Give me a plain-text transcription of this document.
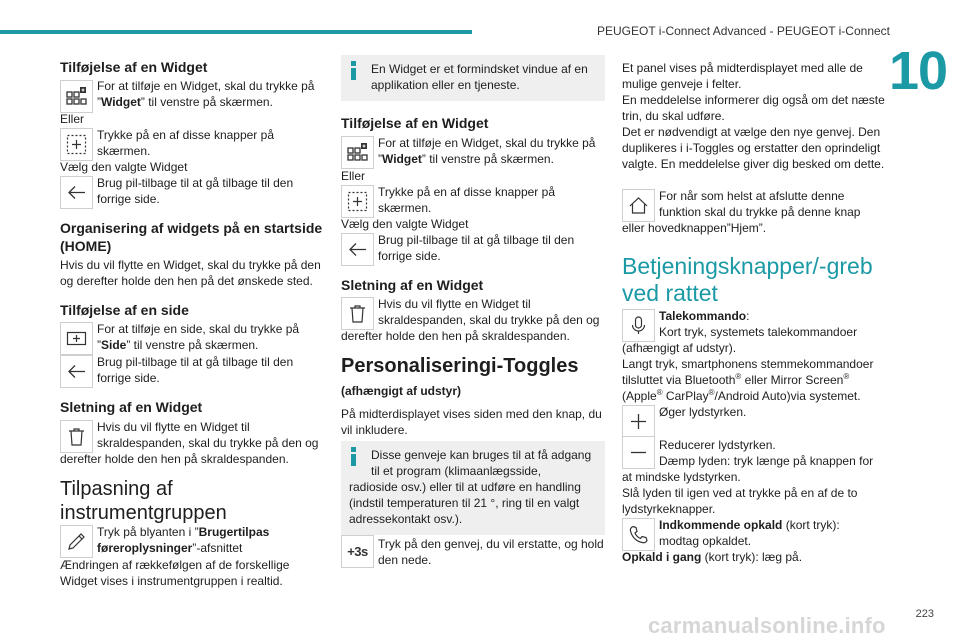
PEUGEOT i-Connect Advanced - PEUGEOT i-Connect
10
Tilføjelse af en Widget
For at tilføje en Widget, skal du trykke på ”Widget” til venstre på skærmen.
Eller
Trykke på en af disse knapper på skærmen.
Vælg den valgte Widget
Brug pil-tilbage til at gå tilbage til den forrige side.
Organisering af widgets på en startside (HOME)
Hvis du vil flytte en Widget, skal du trykke på den og derefter holde den hen på det ønskede sted.
Tilføjelse af en side
For at tilføje en side, skal du trykke på ”Side” til venstre på skærmen.
Brug pil-tilbage til at gå tilbage til den forrige side.
Sletning af en Widget
Hvis du vil flytte en Widget til skraldespanden, skal du trykke på den og
derefter holde den hen på skraldespanden.
Tilpasning af instrumentgruppen
Tryk på blyanten i ”Brugertilpas føreroplysninger”-afsnittet
Ændringen af rækkefølgen af de forskellige Widget vises i instrumentgruppen i realtid.
En Widget er et formindsket vindue af en applikation eller en tjeneste.
Tilføjelse af en Widget
For at tilføje en Widget, skal du trykke på ”Widget” til venstre på skærmen.
Eller
Trykke på en af disse knapper på skærmen.
Vælg den valgte Widget
Brug pil-tilbage til at gå tilbage til den forrige side.
Sletning af en Widget
Hvis du vil flytte en Widget til skraldespanden, skal du trykke på den og
derefter holde den hen på skraldespanden.
Personaliseringi-Toggles
(afhængigt af udstyr)
På midterdisplayet vises siden med den knap, du vil inkludere.
Disse genveje kan bruges til at få adgang til et program (klimaanlægsside,
radioside osv.) eller til at udføre en handling (indstil temperaturen til 21 °, ring til en valgt adressekontakt osv.).
+3s Tryk på den genvej, du vil erstatte, og hold den nede.
Et panel vises på midterdisplayet med alle de mulige genveje i felter.
En meddelelse informerer dig også om det næste trin, du skal udføre.
Det er nødvendigt at vælge den nye genvej. Den duplikeres i i-Toggles og erstatter den oprindeligt valgte. En meddelelse giver dig besked om dette.
For når som helst at afslutte denne funktion skal du trykke på denne knap
eller hovedknappen”Hjem”.
Betjeningsknapper/-greb ved rattet
Talekommando:
Kort tryk, systemets talekommandoer
(afhængigt af udstyr).
Langt tryk, smartphonens stemmekommandoer tilsluttet via Bluetooth® eller Mirror Screen®
(Apple® CarPlay®/Android Auto)via systemet.
Øger lydstyrken.
Reducerer lydstyrken.
Dæmp lyden: tryk længe på knappen for
at mindske lydstyrken.
Slå lyden til igen ved at trykke på en af de to lydstyrkeknapper.
Indkommende opkald (kort tryk):
modtag opkaldet.
Opkald i gang (kort tryk): læg på.
carmanualsonline.info	223
